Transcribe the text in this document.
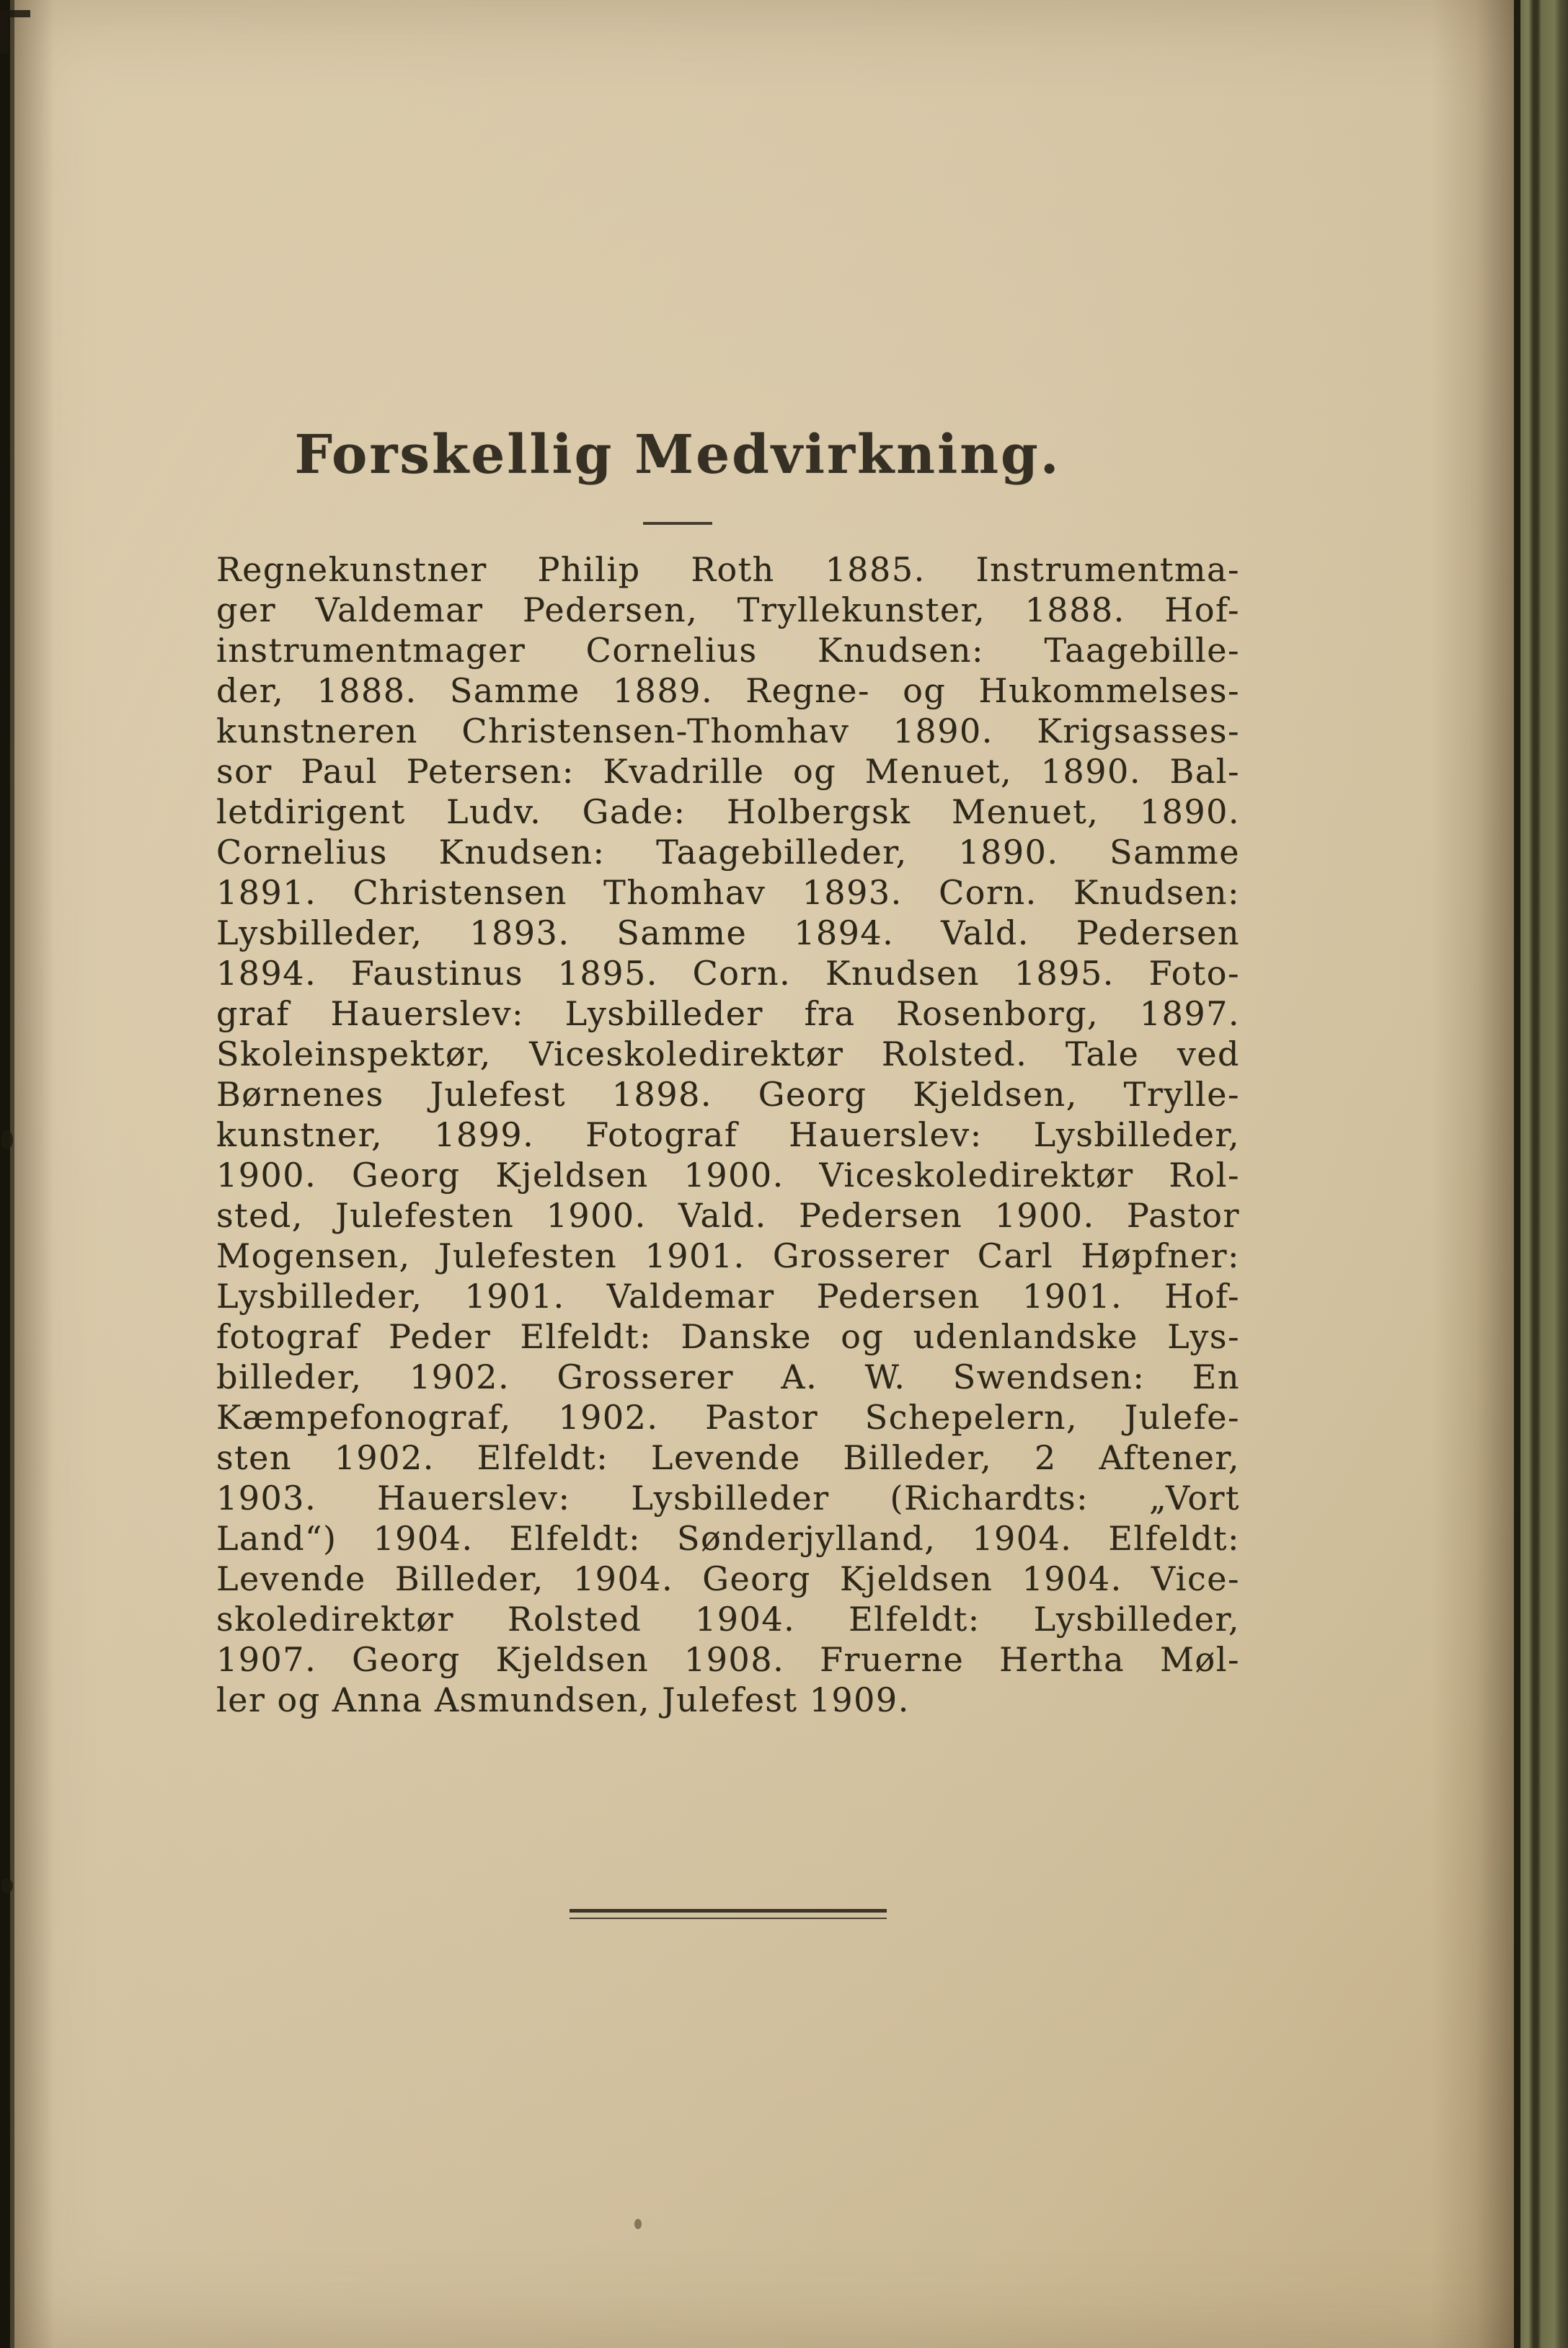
Forskellig Medvirkning.
Regnekunstner Philip Roth 1885. Instrumentma-
ger Valdemar Pedersen, Tryllekunster, 1888. Hof-
instrumentmager Cornelius Knudsen: Taagebille-
der, 1888. Samme 1889. Regne- og Hukommelses-
kunstneren Christensen-Thomhav 1890. Krigsasses-
sor Paul Petersen: Kvadrille og Menuet, 1890. Bal-
letdirigent Ludv. Gade: Holbergsk Menuet, 1890.
Cornelius Knudsen: Taagebilleder, 1890. Samme
1891. Christensen Thomhav 1893. Corn. Knudsen:
Lysbilleder, 1893. Samme 1894. Vald. Pedersen
1894. Faustinus 1895. Corn. Knudsen 1895. Foto-
graf Hauerslev: Lysbilleder fra Rosenborg, 1897.
Skoleinspektør, Viceskoledirektør Rolsted. Tale ved
Børnenes Julefest 1898. Georg Kjeldsen, Trylle-
kunstner, 1899. Fotograf Hauerslev: Lysbilleder,
1900. Georg Kjeldsen 1900. Viceskoledirektør Rol-
sted, Julefesten 1900. Vald. Pedersen 1900. Pastor
Mogensen, Julefesten 1901. Grosserer Carl Høpfner:
Lysbilleder, 1901. Valdemar Pedersen 1901. Hof-
fotograf Peder Elfeldt: Danske og udenlandske Lys-
billeder, 1902. Grosserer A. W. Swendsen: En
Kæmpefonograf, 1902. Pastor Schepelern, Julefe-
sten 1902. Elfeldt: Levende Billeder, 2 Aftener,
1903. Hauerslev: Lysbilleder (Richardts: „Vort
Land“) 1904. Elfeldt: Sønderjylland, 1904. Elfeldt:
Levende Billeder, 1904. Georg Kjeldsen 1904. Vice-
skoledirektør Rolsted 1904. Elfeldt: Lysbilleder,
1907. Georg Kjeldsen 1908. Fruerne Hertha Møl-
ler og Anna Asmundsen, Julefest 1909.
